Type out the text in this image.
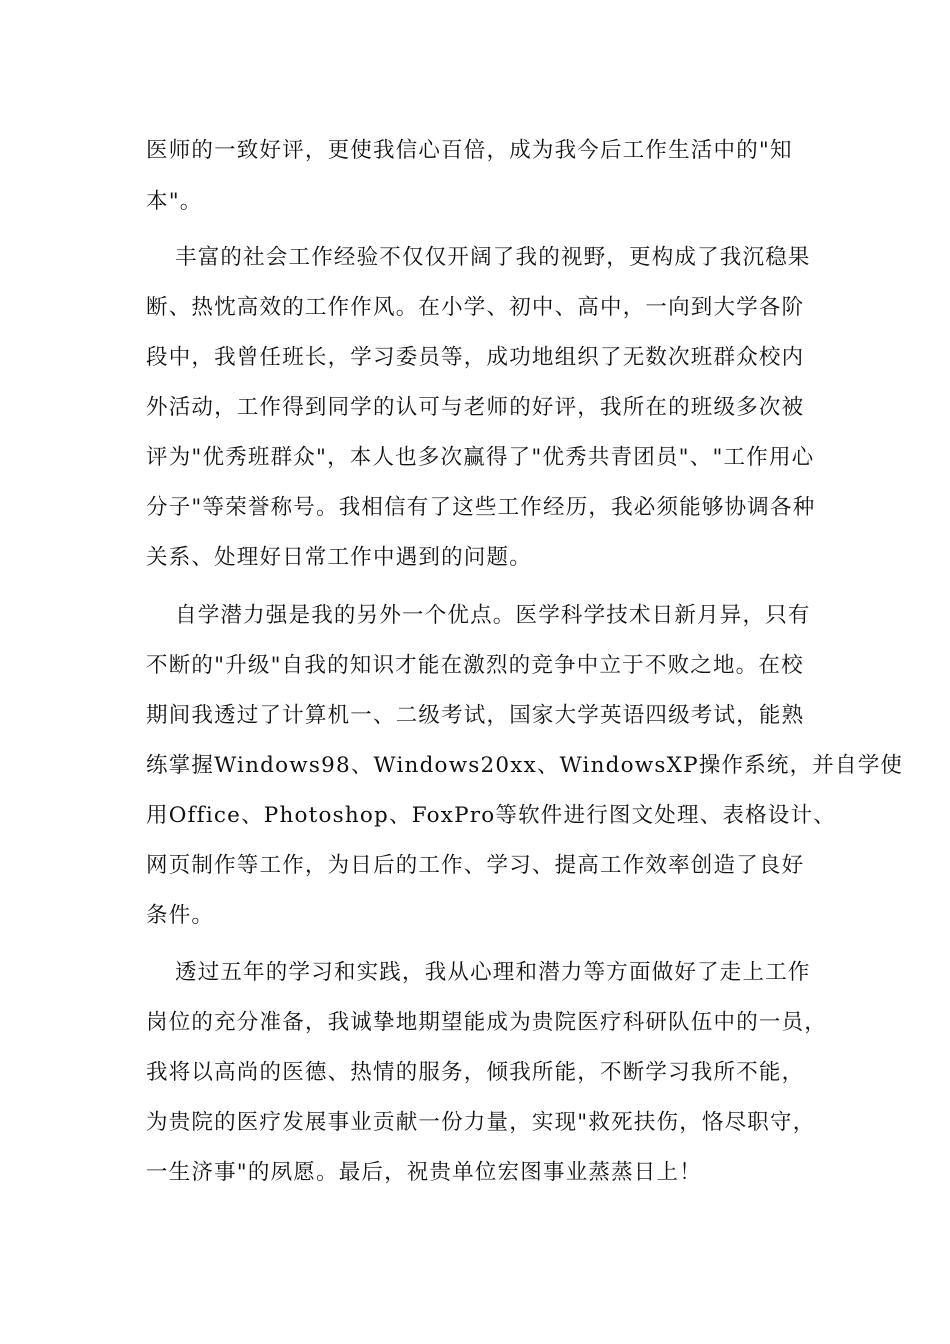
医师的一致好评，更使我信心百倍，成为我今后工作生活中的"知
本"。
丰富的社会工作经验不仅仅开阔了我的视野，更构成了我沉稳果
断、热忱高效的工作作风。在小学、初中、高中，一向到大学各阶
段中，我曾任班长，学习委员等，成功地组织了无数次班群众校内
外活动，工作得到同学的认可与老师的好评，我所在的班级多次被
评为"优秀班群众"，本人也多次赢得了"优秀共青团员"、"工作用心
分子"等荣誉称号。我相信有了这些工作经历，我必须能够协调各种
关系、处理好日常工作中遇到的问题。
自学潜力强是我的另外一个优点。医学科学技术日新月异，只有
不断的"升级"自我的知识才能在激烈的竞争中立于不败之地。在校
期间我透过了计算机一、二级考试，国家大学英语四级考试，能熟
练掌握Windows98、Windows20xx、WindowsXP操作系统，并自学使
用Office、Photoshop、FoxPro等软件进行图文处理、表格设计、
网页制作等工作，为日后的工作、学习、提高工作效率创造了良好
条件。
透过五年的学习和实践，我从心理和潜力等方面做好了走上工作
岗位的充分准备，我诚挚地期望能成为贵院医疗科研队伍中的一员，
我将以高尚的医德、热情的服务，倾我所能，不断学习我所不能，
为贵院的医疗发展事业贡献一份力量，实现"救死扶伤，恪尽职守，
一生济事"的夙愿。最后，祝贵单位宏图事业蒸蒸日上！
